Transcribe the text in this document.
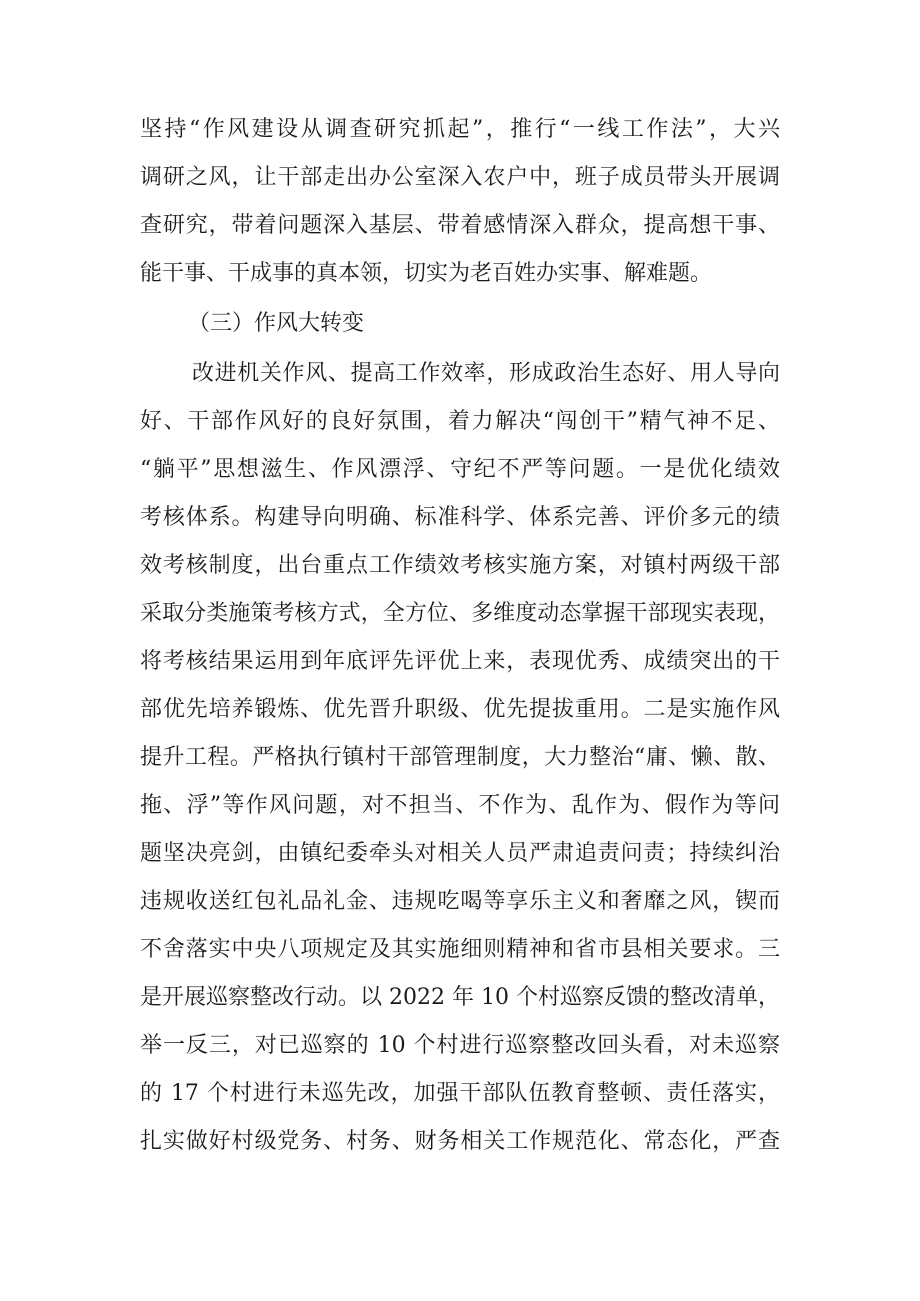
坚持“作风建设从调查研究抓起”，推行“一线工作法”，大兴
调研之风，让干部走出办公室深入农户中，班子成员带头开展调
查研究，带着问题深入基层、带着感情深入群众，提高想干事、
能干事、干成事的真本领，切实为老百姓办实事、解难题。
（三）作风大转变
改进机关作风、提高工作效率，形成政治生态好、用人导向
好、干部作风好的良好氛围，着力解决“闯创干”精气神不足、
“躺平”思想滋生、作风漂浮、守纪不严等问题。一是优化绩效
考核体系。构建导向明确、标准科学、体系完善、评价多元的绩
效考核制度，出台重点工作绩效考核实施方案，对镇村两级干部
采取分类施策考核方式，全方位、多维度动态掌握干部现实表现，
将考核结果运用到年底评先评优上来，表现优秀、成绩突出的干
部优先培养锻炼、优先晋升职级、优先提拔重用。二是实施作风
提升工程。严格执行镇村干部管理制度，大力整治“庸、懒、散、
拖、浮”等作风问题，对不担当、不作为、乱作为、假作为等问
题坚决亮剑，由镇纪委牵头对相关人员严肃追责问责；持续纠治
违规收送红包礼品礼金、违规吃喝等享乐主义和奢靡之风，锲而
不舍落实中央八项规定及其实施细则精神和省市县相关要求。三
是开展巡察整改行动。以 2022 年 10 个村巡察反馈的整改清单，
举一反三，对已巡察的 10 个村进行巡察整改回头看，对未巡察
的 17 个村进行未巡先改，加强干部队伍教育整顿、责任落实，
扎实做好村级党务、村务、财务相关工作规范化、常态化，严查
